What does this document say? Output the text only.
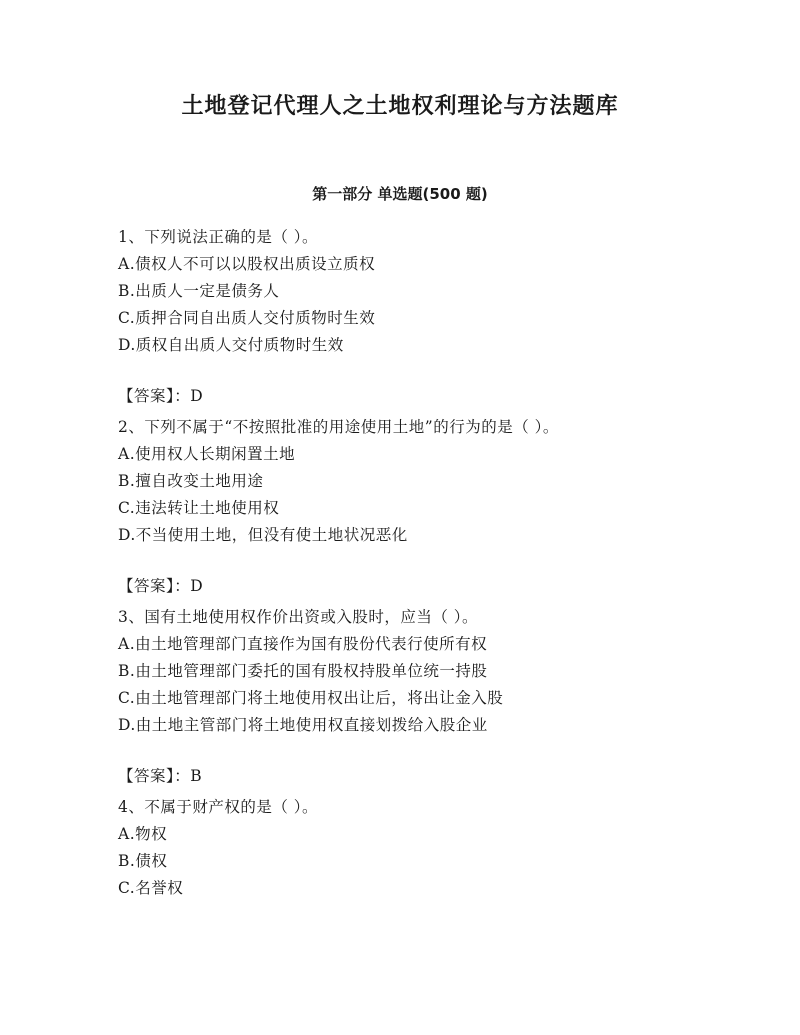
土地登记代理人之土地权利理论与方法题库
第一部分 单选题(500 题)
1、下列说法正确的是（ ）。
A.债权人不可以以股权出质设立质权
B.出质人一定是债务人
C.质押合同自出质人交付质物时生效
D.质权自出质人交付质物时生效
【答案】：D
2、下列不属于“不按照批准的用途使用土地”的行为的是（ ）。
A.使用权人长期闲置土地
B.擅自改变土地用途
C.违法转让土地使用权
D.不当使用土地，但没有使土地状况恶化
【答案】：D
3、国有土地使用权作价出资或入股时，应当（ ）。
A.由土地管理部门直接作为国有股份代表行使所有权
B.由土地管理部门委托的国有股权持股单位统一持股
C.由土地管理部门将土地使用权出让后，将出让金入股
D.由土地主管部门将土地使用权直接划拨给入股企业
【答案】：B
4、不属于财产权的是（ ）。
A.物权
B.债权
C.名誉权
